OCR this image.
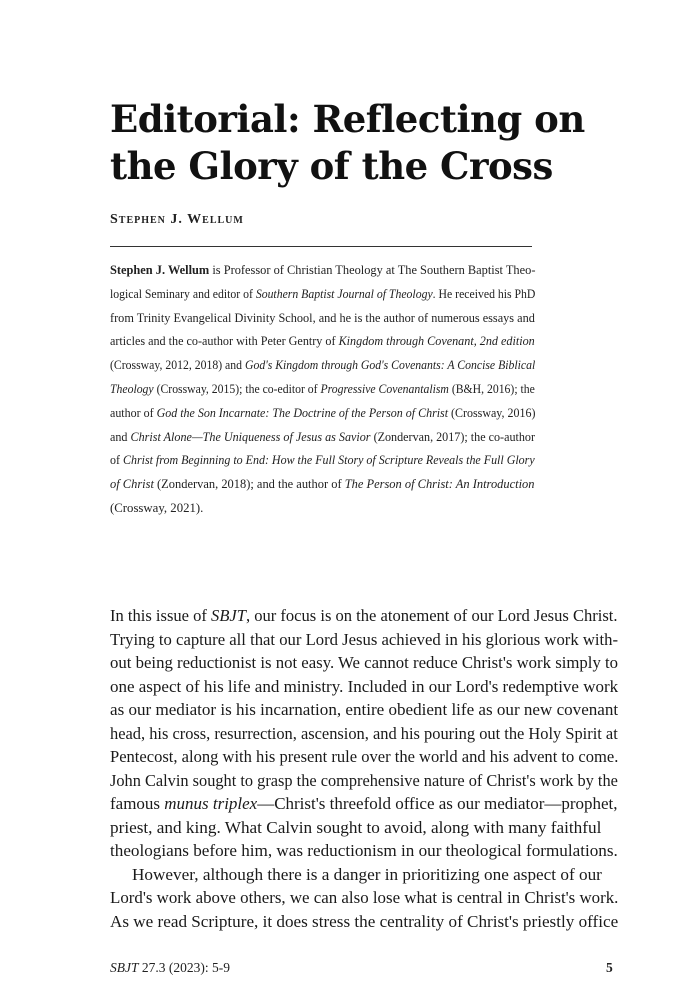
Editorial: Reflecting on
the Glory of the Cross
Stephen J. Wellum
Stephen J. Wellum is Professor of Christian Theology at The Southern Baptist Theo-
logical Seminary and editor of Southern Baptist Journal of Theology. He received his PhD
from Trinity Evangelical Divinity School, and he is the author of numerous essays and
articles and the co-author with Peter Gentry of Kingdom through Covenant, 2nd edition
(Crossway, 2012, 2018) and God's Kingdom through God's Covenants: A Concise Biblical
Theology (Crossway, 2015); the co-editor of Progressive Covenantalism (B&H, 2016); the
author of God the Son Incarnate: The Doctrine of the Person of Christ (Crossway, 2016)
and Christ Alone—The Uniqueness of Jesus as Savior (Zondervan, 2017); the co-author
of Christ from Beginning to End: How the Full Story of Scripture Reveals the Full Glory
of Christ (Zondervan, 2018); and the author of The Person of Christ: An Introduction
(Crossway, 2021).
In this issue of SBJT, our focus is on the atonement of our Lord Jesus Christ.
Trying to capture all that our Lord Jesus achieved in his glorious work with-
out being reductionist is not easy. We cannot reduce Christ's work simply to
one aspect of his life and ministry. Included in our Lord's redemptive work
as our mediator is his incarnation, entire obedient life as our new covenant
head, his cross, resurrection, ascension, and his pouring out the Holy Spirit at
Pentecost, along with his present rule over the world and his advent to come.
John Calvin sought to grasp the comprehensive nature of Christ's work by the
famous munus triplex—Christ's threefold office as our mediator—prophet,
priest, and king. What Calvin sought to avoid, along with many faithful
theologians before him, was reductionism in our theological formulations.
However, although there is a danger in prioritizing one aspect of our
Lord's work above others, we can also lose what is central in Christ's work.
As we read Scripture, it does stress the centrality of Christ's priestly office
SBJT 27.3 (2023): 5-9	5
